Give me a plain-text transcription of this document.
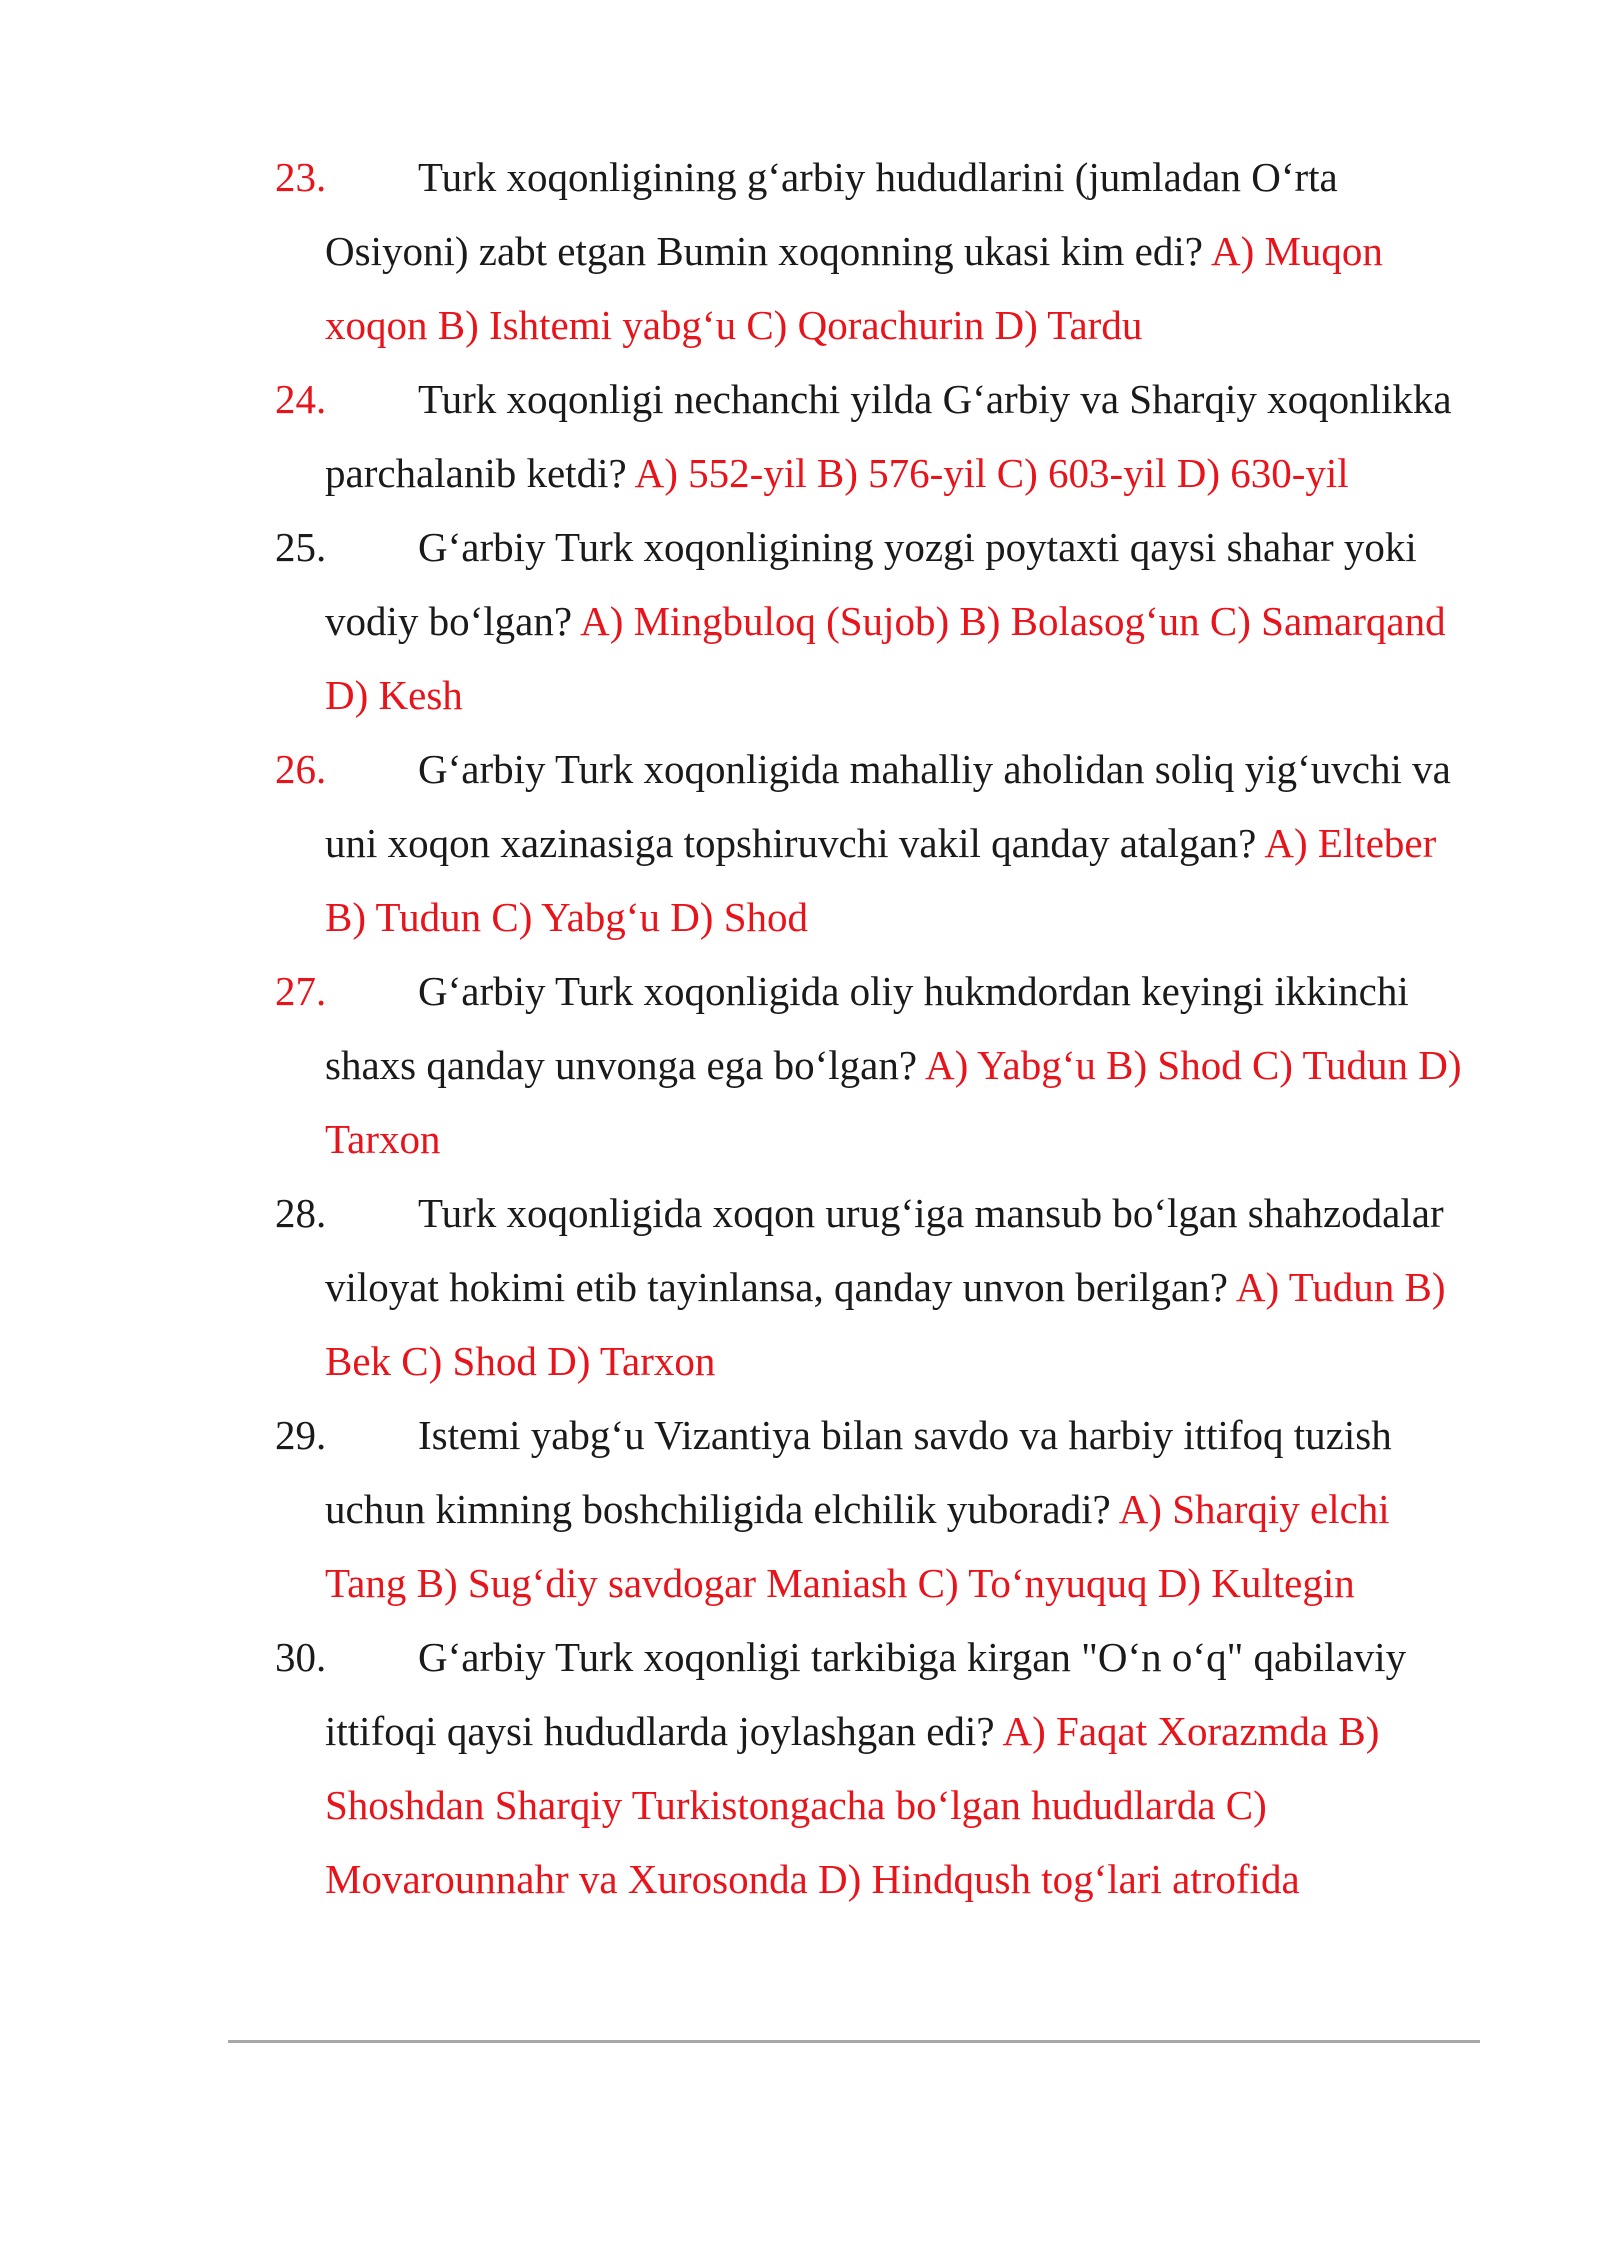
23.	Turk xoqonligining g‘arbiy hududlarini (jumladan O‘rta Osiyoni) zabt etgan Bumin xoqonning ukasi kim edi? A) Muqon xoqon B) Ishtemi yabg‘u C) Qorachurin D) Tardu
24.	Turk xoqonligi nechanchi yilda G‘arbiy va Sharqiy xoqonlikka parchalanib ketdi? A) 552-yil B) 576-yil C) 603-yil D) 630-yil
25.	G‘arbiy Turk xoqonligining yozgi poytaxti qaysi shahar yoki vodiy bo‘lgan? A) Mingbuloq (Sujob) B) Bolasog‘un C) Samarqand D) Kesh
26.	G‘arbiy Turk xoqonligida mahalliy aholidan soliq yig‘uvchi va uni xoqon xazinasiga topshiruvchi vakil qanday atalgan? A) Elteber B) Tudun C) Yabg‘u D) Shod
27.	G‘arbiy Turk xoqonligida oliy hukmdordan keyingi ikkinchi shaxs qanday unvonga ega bo‘lgan? A) Yabg‘u B) Shod C) Tudun D) Tarxon
28.	Turk xoqonligida xoqon urug‘iga mansub bo‘lgan shahzodalar viloyat hokimi etib tayinlansa, qanday unvon berilgan? A) Tudun B) Bek C) Shod D) Tarxon
29.	Istemi yabg‘u Vizantiya bilan savdo va harbiy ittifoq tuzish uchun kimning boshchiligida elchilik yuboradi? A) Sharqiy elchi Tang B) Sug‘diy savdogar Maniash C) To‘nyuquq D) Kultegin
30.	G‘arbiy Turk xoqonligi tarkibiga kirgan "O‘n o‘q" qabilaviy ittifoqi qaysi hududlarda joylashgan edi? A) Faqat Xorazmda B) Shoshdan Sharqiy Turkistongacha bo‘lgan hududlarda C) Movarounnahr va Xurosonda D) Hindqush tog‘lari atrofida
